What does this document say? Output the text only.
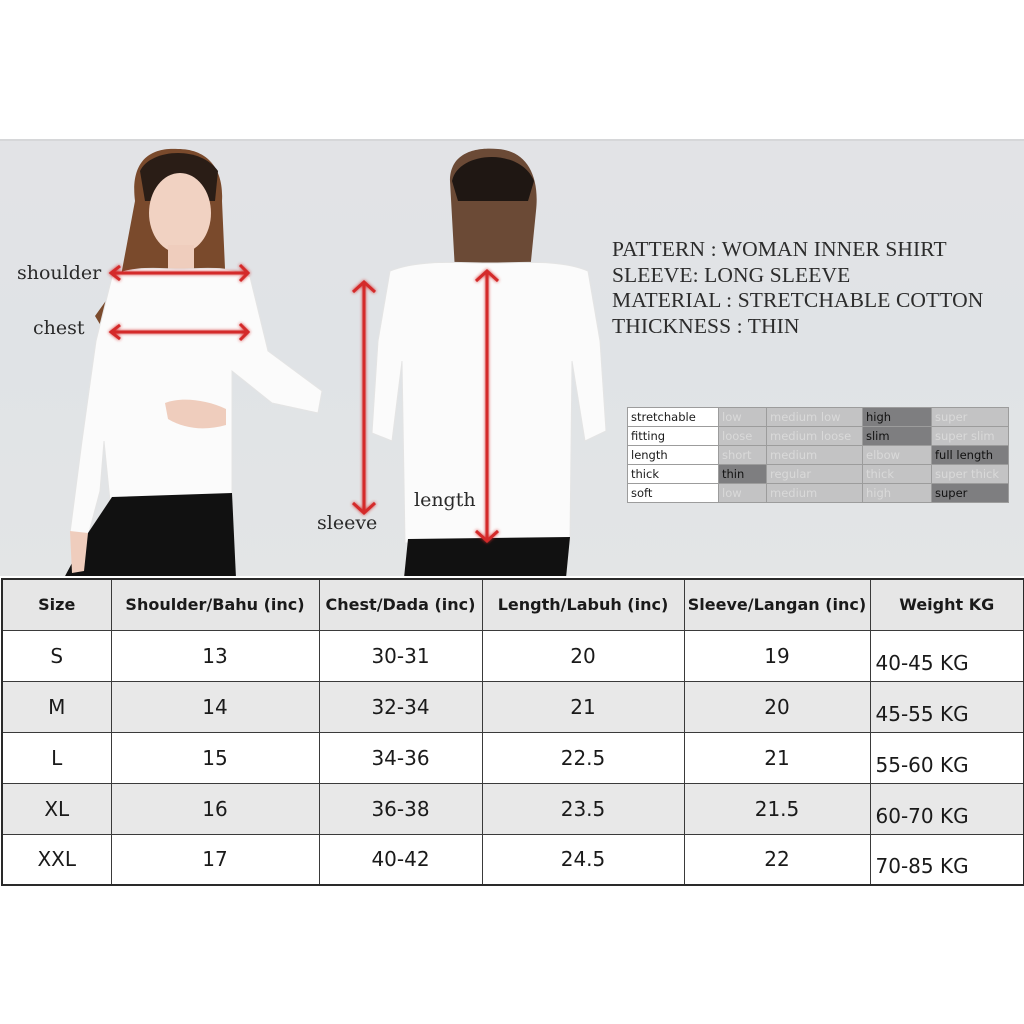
shoulder
chest
sleeve
length
PATTERN : WOMAN INNER SHIRT
SLEEVE: LONG SLEEVE
MATERIAL : STRETCHABLE COTTON
THICKNESS : THIN
stretchable	low	medium low	high	super
fitting	loose	medium loose	slim	super slim
length	short	medium	elbow	full length
thick	thin	regular	thick	super thick
soft	low	medium	high	super
Size	Shoulder/Bahu (inc)	Chest/Dada (inc)	Length/Labuh (inc)	Sleeve/Langan (inc)	Weight KG
S	13	30-31	20	19	40-45 KG
M	14	32-34	21	20	45-55 KG
L	15	34-36	22.5	21	55-60 KG
XL	16	36-38	23.5	21.5	60-70 KG
XXL	17	40-42	24.5	22	70-85 KG
